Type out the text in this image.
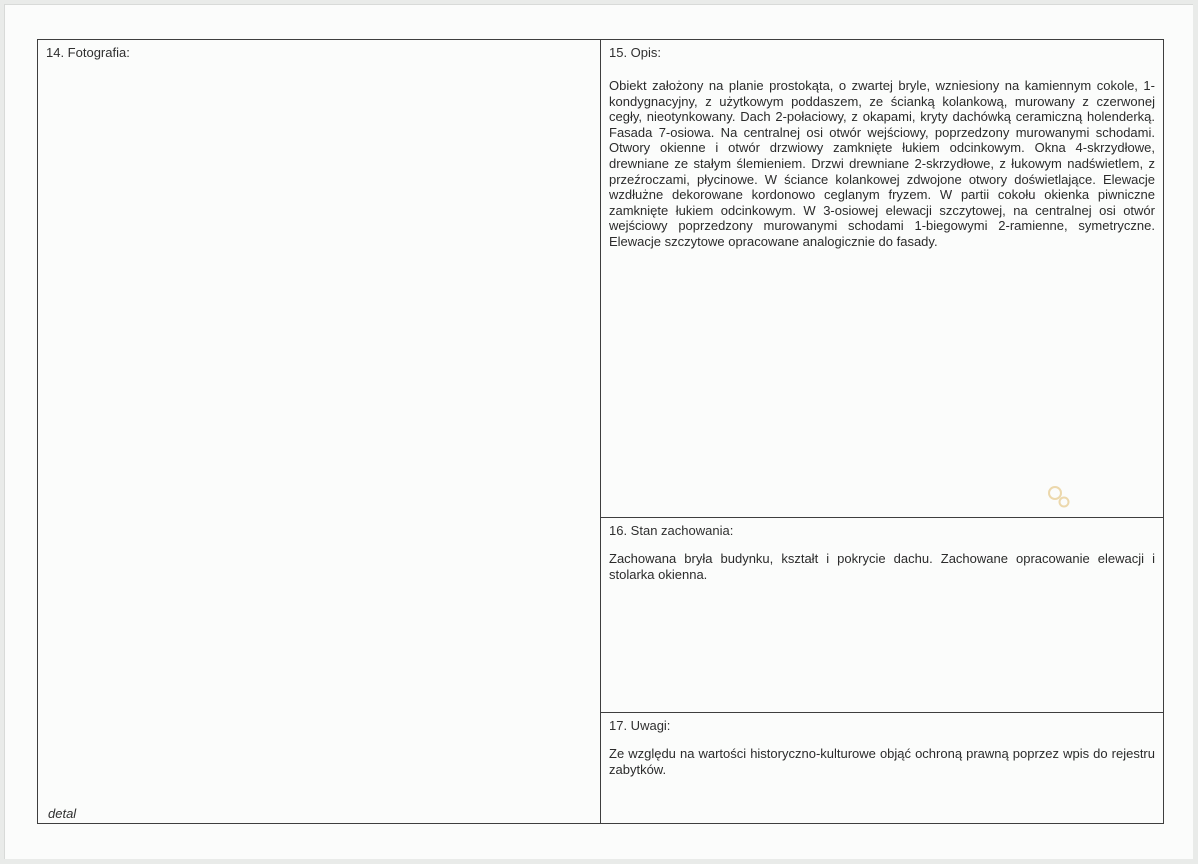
14. Fotografia:
detal
15. Opis:
Obiekt założony na planie prostokąta, o zwartej bryle, wzniesiony na kamiennym cokole, 1-kondygnacyjny, z użytkowym poddaszem, ze ścianką kolankową, murowany z czerwonej cegły, nieotynkowany. Dach 2-połaciowy, z okapami, kryty dachówką ceramiczną holenderką. Fasada 7-osiowa. Na centralnej osi otwór wejściowy, poprzedzony murowanymi schodami. Otwory okienne i otwór drzwiowy zamknięte łukiem odcinkowym. Okna 4-skrzydłowe, drewniane ze stałym ślemieniem. Drzwi drewniane 2-skrzydłowe, z łukowym nadświetlem, z przeźroczami, płycinowe. W ściance kolankowej zdwojone otwory doświetlające. Elewacje wzdłużne dekorowane kordonowo ceglanym fryzem. W partii cokołu okienka piwniczne zamknięte łukiem odcinkowym. W 3-osiowej elewacji szczytowej, na centralnej osi otwór wejściowy poprzedzony murowanymi schodami 1-biegowymi 2-ramienne, symetryczne. Elewacje szczytowe opracowane analogicznie do fasady.
16. Stan zachowania:
Zachowana bryła budynku, kształt i pokrycie dachu. Zachowane opracowanie elewacji i stolarka okienna.
17. Uwagi:
Ze względu na wartości historyczno-kulturowe objąć ochroną prawną poprzez wpis do rejestru zabytków.
